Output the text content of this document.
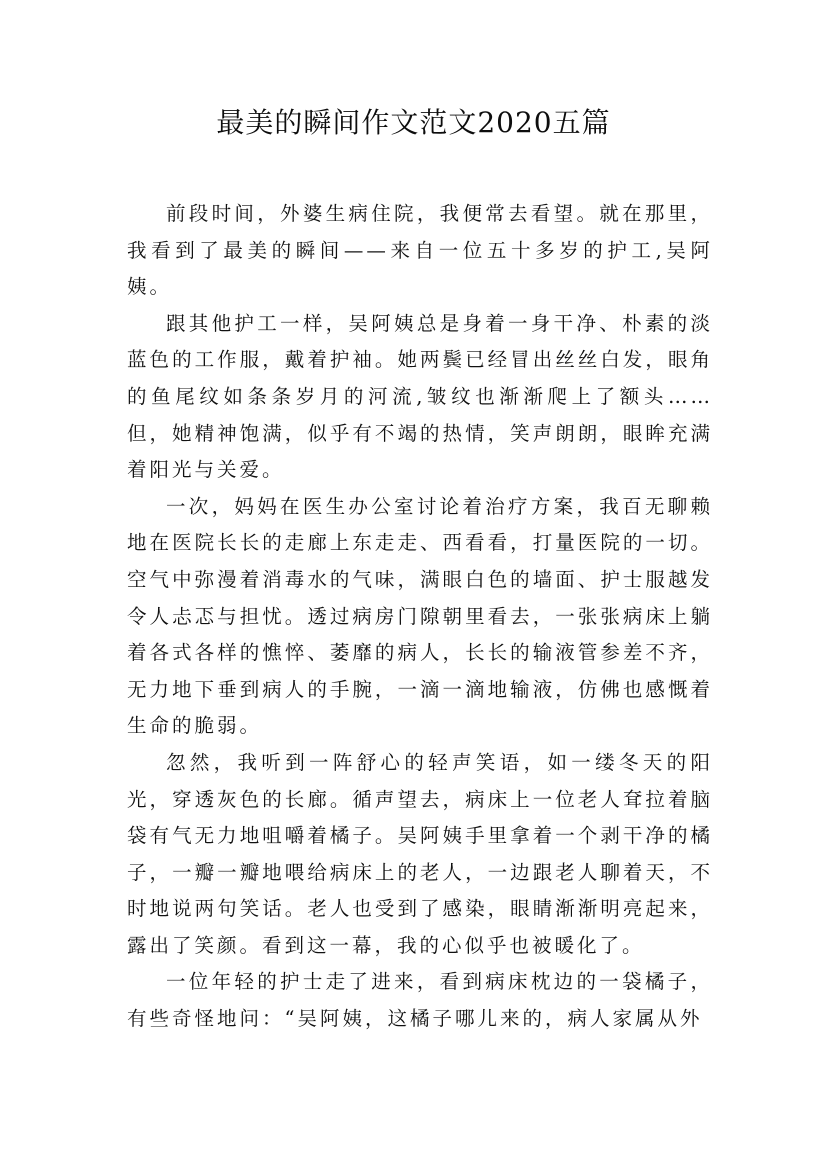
最美的瞬间作文范文2020五篇

前段时间，外婆生病住院，我便常去看望。就在那里，我看到了最美的瞬间——来自一位五十多岁的护工,吴阿姨。

跟其他护工一样，吴阿姨总是身着一身干净、朴素的淡蓝色的工作服，戴着护袖。她两鬓已经冒出丝丝白发，眼角的鱼尾纹如条条岁月的河流,皱纹也渐渐爬上了额头……但，她精神饱满，似乎有不竭的热情，笑声朗朗，眼眸充满着阳光与关爱。

一次，妈妈在医生办公室讨论着治疗方案，我百无聊赖地在医院长长的走廊上东走走、西看看，打量医院的一切。空气中弥漫着消毒水的气味，满眼白色的墙面、护士服越发令人忐忑与担忧。透过病房门隙朝里看去，一张张病床上躺着各式各样的憔悴、萎靡的病人，长长的输液管参差不齐，无力地下垂到病人的手腕，一滴一滴地输液，仿佛也感慨着生命的脆弱。

忽然，我听到一阵舒心的轻声笑语，如一缕冬天的阳光，穿透灰色的长廊。循声望去，病床上一位老人耷拉着脑袋有气无力地咀嚼着橘子。吴阿姨手里拿着一个剥干净的橘子，一瓣一瓣地喂给病床上的老人，一边跟老人聊着天，不时地说两句笑话。老人也受到了感染，眼睛渐渐明亮起来，露出了笑颜。看到这一幕，我的心似乎也被暖化了。

一位年轻的护士走了进来，看到病床枕边的一袋橘子，有些奇怪地问：“吴阿姨，这橘子哪儿来的，病人家属从外
